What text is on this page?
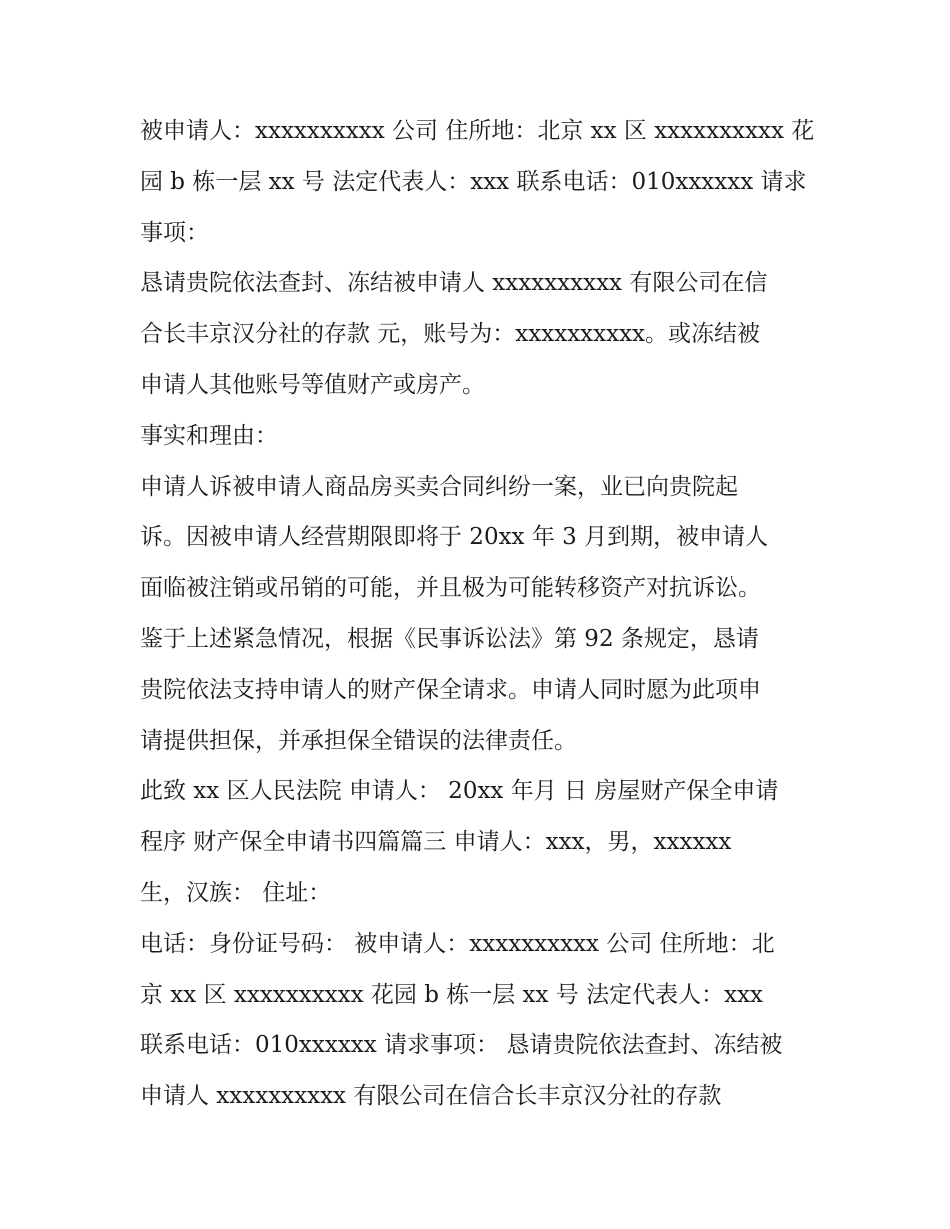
被申请人：xxxxxxxxxx 公司 住所地：北京 xx 区 xxxxxxxxxx 花
园 b 栋一层 xx 号 法定代表人：xxx 联系电话：010xxxxxx 请求
事项：
恳请贵院依法查封、冻结被申请人 xxxxxxxxxx 有限公司在信
合长丰京汉分社的存款 元，账号为：xxxxxxxxxx。或冻结被
申请人其他账号等值财产或房产。
事实和理由：
申请人诉被申请人商品房买卖合同纠纷一案，业已向贵院起
诉。因被申请人经营期限即将于 20xx 年 3 月到期，被申请人
面临被注销或吊销的可能，并且极为可能转移资产对抗诉讼。
鉴于上述紧急情况，根据《民事诉讼法》第 92 条规定，恳请
贵院依法支持申请人的财产保全请求。申请人同时愿为此项申
请提供担保，并承担保全错误的法律责任。
此致 xx 区人民法院 申请人： 20xx 年月 日 房屋财产保全申请
程序 财产保全申请书四篇篇三 申请人：xxx，男，xxxxxx
生，汉族： 住址：
电话：身份证号码： 被申请人：xxxxxxxxxx 公司 住所地：北
京 xx 区 xxxxxxxxxx 花园 b 栋一层 xx 号 法定代表人：xxx
联系电话：010xxxxxx 请求事项： 恳请贵院依法查封、冻结被
申请人 xxxxxxxxxx 有限公司在信合长丰京汉分社的存款
